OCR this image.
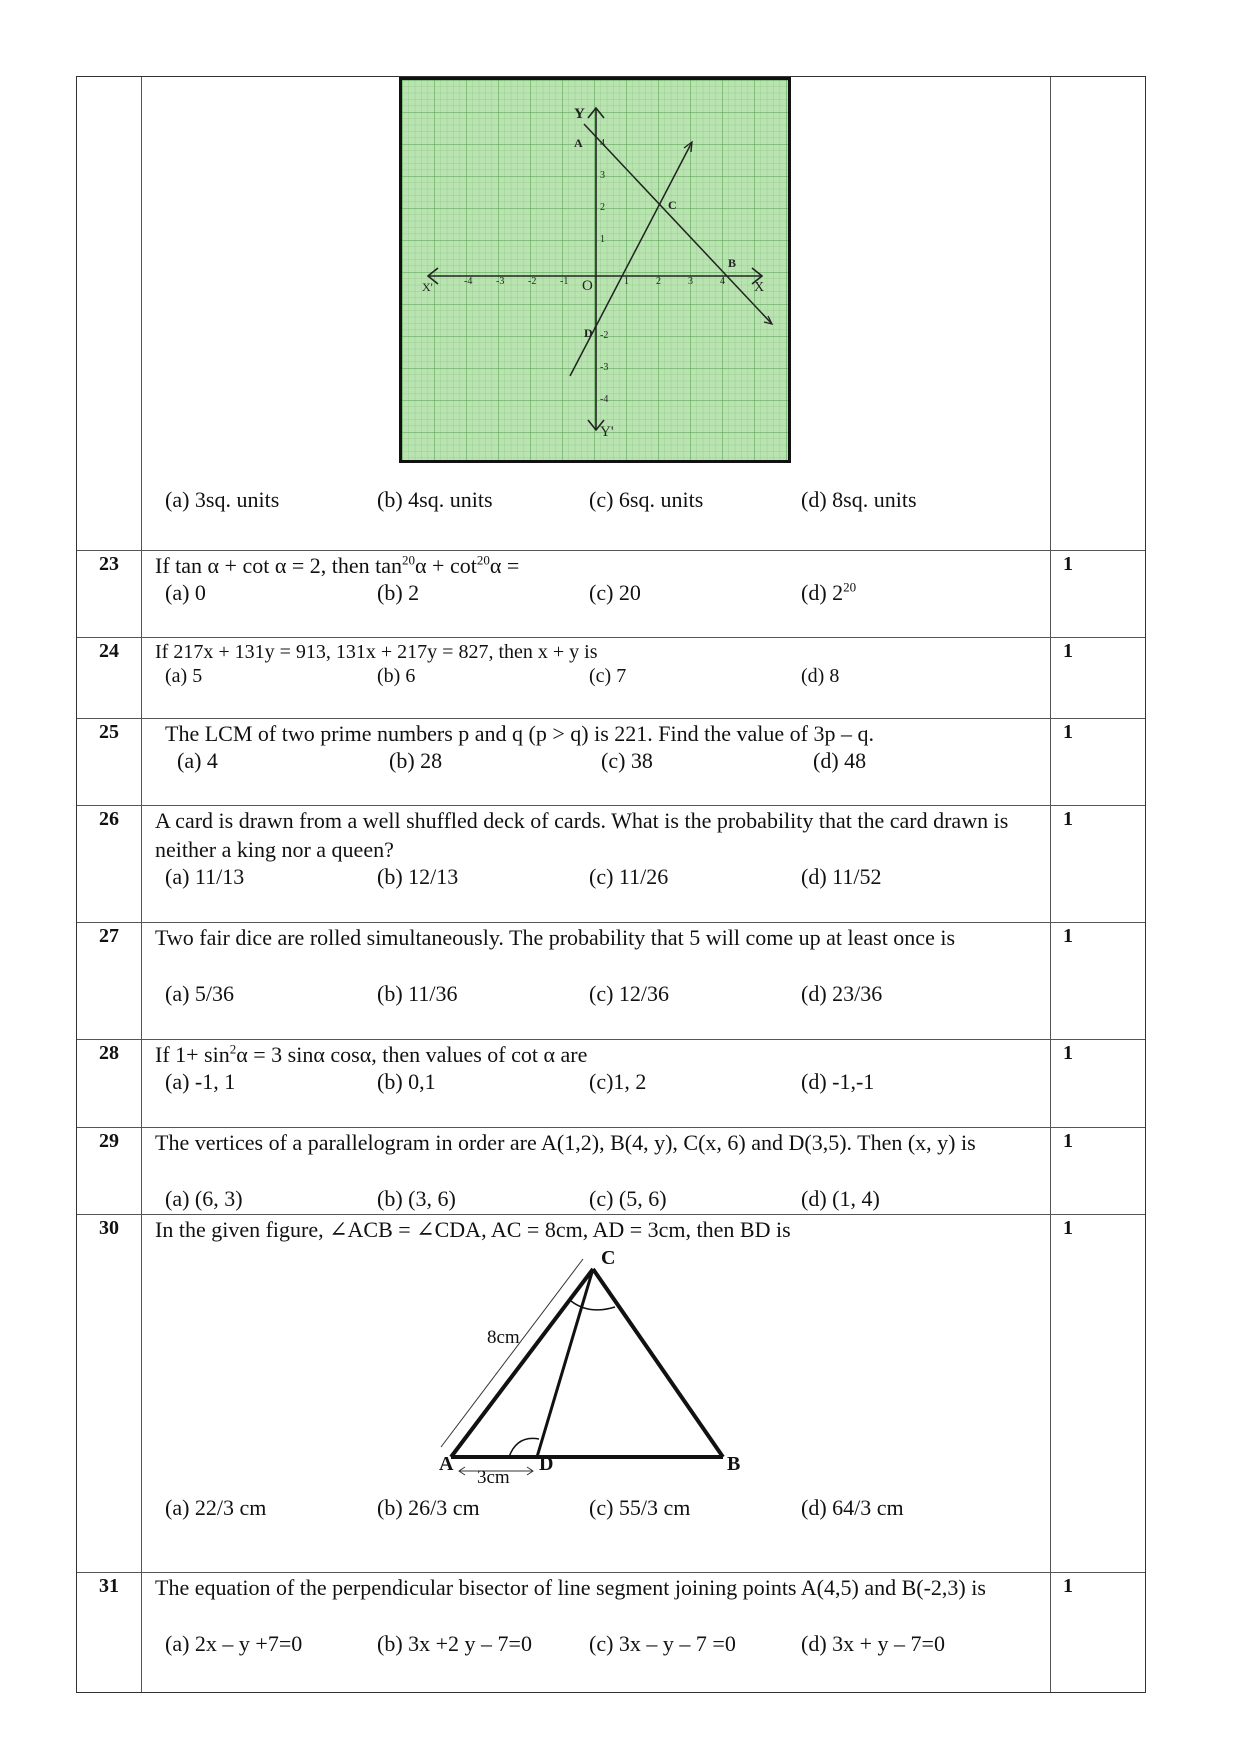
Y
Y'
X
X'	O
A
B
C
D
-4 -3 -2 -1	1	2	3	4
4
3
2
1
-2
-3
-4
(a) 3sq. units	(b) 4sq. units	(c) 6sq. units	(d) 8sq. units
23	If tan α + cot α = 2, then $\tan^{20}\alpha + \cot^{20}\alpha$ =
(a) 0	(b) 2	(c) 20	(d) $2^{20}$
1
24	If 217x + 131y = 913, 131x + 217y = 827, then x + y is
(a) 5	(b) 6	(c) 7	(d) 8
1
25	The LCM of two prime numbers p and q (p > q) is 221. Find the value of 3p – q.
(a) 4	(b) 28	(c) 38	(d) 48
1
26	A card is drawn from a well shuffled deck of cards. What is the probability that the card drawn is neither a king nor a queen?
(a) 11/13	(b) 12/13	(c) 11/26	(d) 11/52
1
27	Two fair dice are rolled simultaneously. The probability that 5 will come up at least once is
(a) 5/36	(b) 11/36	(c) 12/36	(d) 23/36
1
28	If $1+ \sin^2\alpha = 3$ sinα cosα, then values of cot α are
(a) -1, 1	(b) 0,1	(c)1, 2	(d) -1,-1
1
29	The vertices of a parallelogram in order are A(1,2), B(4, y), C(x, 6) and D(3,5). Then (x, y) is
(a) (6, 3)	(b) (3, 6)	(c) (5, 6)	(d) (1, 4)
1
30	In the given figure, ∠ACB = ∠CDA, AC = 8cm, AD = 3cm, then BD is
C
A	D	B
8cm
3cm
(a) 22/3 cm	(b) 26/3 cm	(c) 55/3 cm	(d) 64/3 cm
1
31	The equation of the perpendicular bisector of line segment joining points A(4,5) and B(-2,3) is
(a) 2x – y +7=0	(b) 3x +2 y – 7=0	(c) 3x – y – 7 =0	(d) 3x + y – 7=0
1
